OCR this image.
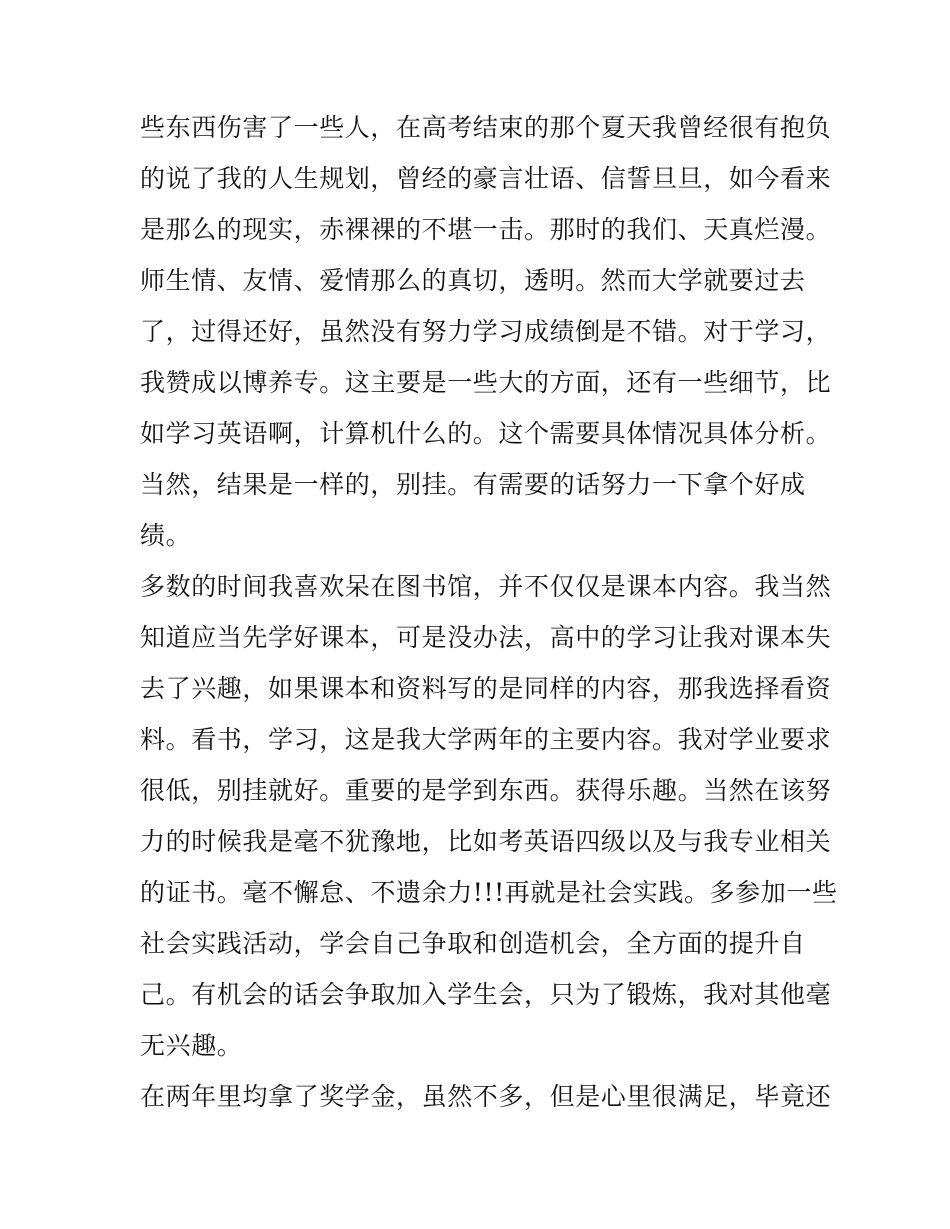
些东西伤害了一些人，在高考结束的那个夏天我曾经很有抱负
的说了我的人生规划，曾经的豪言壮语、信誓旦旦，如今看来
是那么的现实，赤裸裸的不堪一击。那时的我们、天真烂漫。
师生情、友情、爱情那么的真切，透明。然而大学就要过去
了，过得还好，虽然没有努力学习成绩倒是不错。对于学习，
我赞成以博养专。这主要是一些大的方面，还有一些细节，比
如学习英语啊，计算机什么的。这个需要具体情况具体分析。
当然，结果是一样的，别挂。有需要的话努力一下拿个好成
绩。
多数的时间我喜欢呆在图书馆，并不仅仅是课本内容。我当然
知道应当先学好课本，可是没办法，高中的学习让我对课本失
去了兴趣，如果课本和资料写的是同样的内容，那我选择看资
料。看书，学习，这是我大学两年的主要内容。我对学业要求
很低，别挂就好。重要的是学到东西。获得乐趣。当然在该努
力的时候我是毫不犹豫地，比如考英语四级以及与我专业相关
的证书。毫不懈怠、不遗余力!!!再就是社会实践。多参加一些
社会实践活动，学会自己争取和创造机会，全方面的提升自
己。有机会的话会争取加入学生会，只为了锻炼，我对其他毫
无兴趣。
在两年里均拿了奖学金，虽然不多，但是心里很满足，毕竟还
